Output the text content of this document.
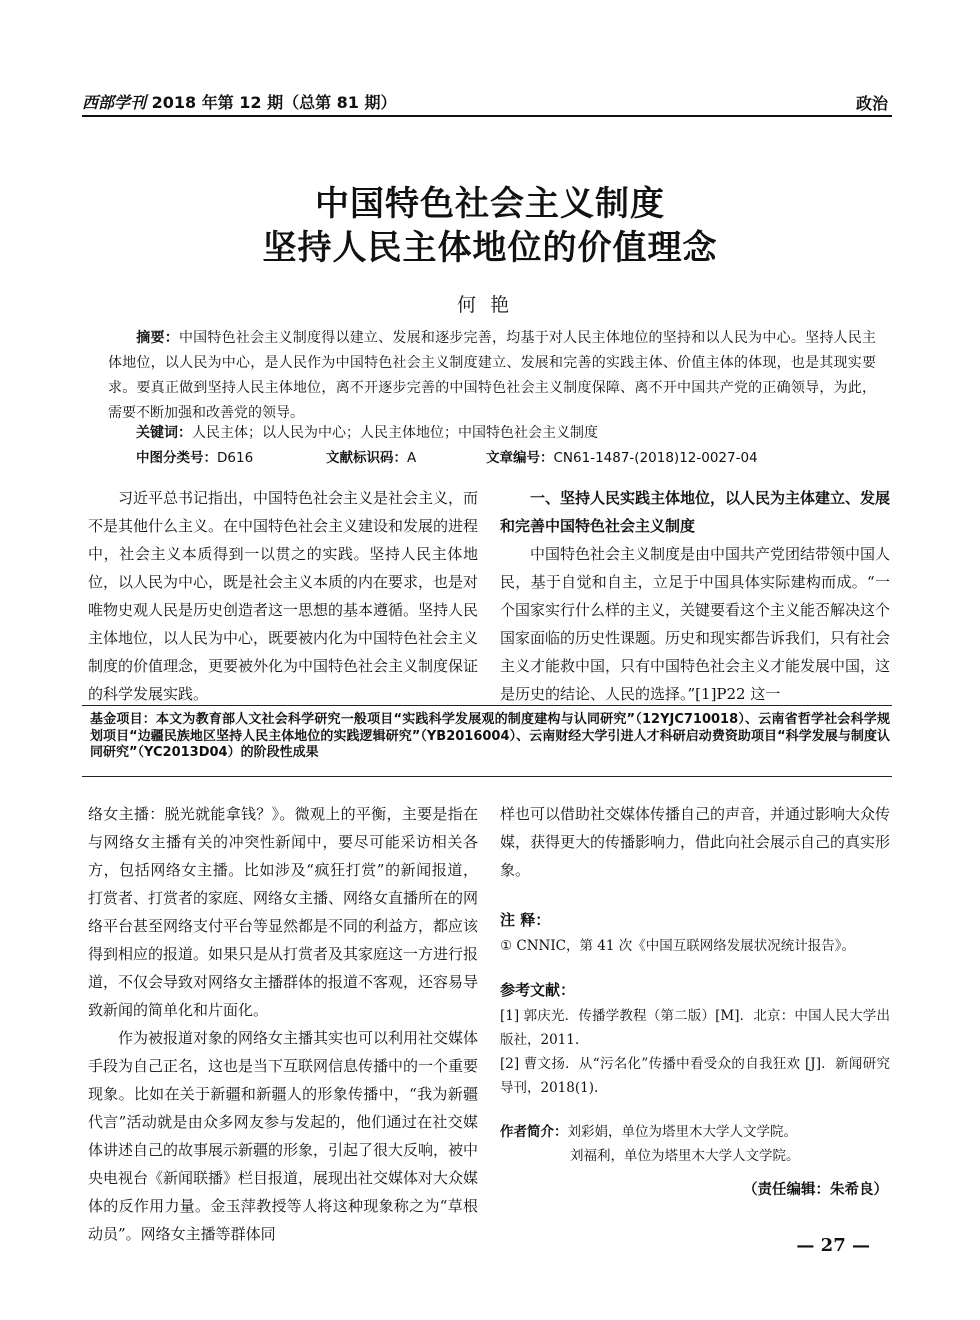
西部学刊 2018 年第 12 期（总第 81 期）	政治
中国特色社会主义制度
坚持人民主体地位的价值理念
何艳
摘要：中国特色社会主义制度得以建立、发展和逐步完善，均基于对人民主体地位的坚持和以人民为中心。坚持人民主体地位，以人民为中心，是人民作为中国特色社会主义制度建立、发展和完善的实践主体、价值主体的体现，也是其现实要求。要真正做到坚持人民主体地位，离不开逐步完善的中国特色社会主义制度保障、离不开中国共产党的正确领导，为此，需要不断加强和改善党的领导。
关键词：人民主体；以人民为中心；人民主体地位；中国特色社会主义制度
中图分类号：D616	文献标识码：A	文章编号：CN61-1487-(2018)12-0027-04

习近平总书记指出，中国特色社会主义是社会主义，而不是其他什么主义。在中国特色社会主义建设和发展的进程中，社会主义本质得到一以贯之的实践。坚持人民主体地位，以人民为中心，既是社会主义本质的内在要求，也是对唯物史观人民是历史创造者这一思想的基本遵循。坚持人民主体地位，以人民为中心，既要被内化为中国特色社会主义制度的价值理念，更要被外化为中国特色社会主义制度保证的科学发展实践。

一、坚持人民实践主体地位，以人民为主体建立、发展和完善中国特色社会主义制度

中国特色社会主义制度是由中国共产党团结带领中国人民，基于自觉和自主，立足于中国具体实际建构而成。“一个国家实行什么样的主义，关键要看这个主义能否解决这个国家面临的历史性课题。历史和现实都告诉我们，只有社会主义才能救中国，只有中国特色社会主义才能发展中国，这是历史的结论、人民的选择。”[1]P22 这一

基金项目：本文为教育部人文社会科学研究一般项目“实践科学发展观的制度建构与认同研究”（12YJC710018）、云南省哲学社会科学规划项目“边疆民族地区坚持人民主体地位的实践逻辑研究”（YB2016004）、云南财经大学引进人才科研启动费资助项目“科学发展与制度认同研究”（YC2013D04）的阶段性成果

络女主播：脱光就能拿钱？》。微观上的平衡，主要是指在与网络女主播有关的冲突性新闻中，要尽可能采访相关各方，包括网络女主播。比如涉及“疯狂打赏”的新闻报道，打赏者、打赏者的家庭、网络女主播、网络女直播所在的网络平台甚至网络支付平台等显然都是不同的利益方，都应该得到相应的报道。如果只是从打赏者及其家庭这一方进行报道，不仅会导致对网络女主播群体的报道不客观，还容易导致新闻的简单化和片面化。

作为被报道对象的网络女主播其实也可以利用社交媒体手段为自己正名，这也是当下互联网信息传播中的一个重要现象。比如在关于新疆和新疆人的形象传播中，“我为新疆代言”活动就是由众多网友参与发起的，他们通过在社交媒体讲述自己的故事展示新疆的形象，引起了很大反响，被中央电视台《新闻联播》栏目报道，展现出社交媒体对大众媒体的反作用力量。金玉萍教授等人将这种现象称之为“草根动员”。网络女主播等群体同

样也可以借助社交媒体传播自己的声音，并通过影响大众传媒，获得更大的传播影响力，借此向社会展示自己的真实形象。

注 释：
① CNNIC，第 41 次《中国互联网络发展状况统计报告》。
参考文献：
[1] 郭庆光．传播学教程（第二版）[M]．北京：中国人民大学出版社，2011.
[2] 曹文扬．从“污名化”传播中看受众的自我狂欢 [J]．新闻研究导刊，2018(1).
作者简介：刘彩娟，单位为塔里木大学人文学院。
刘福利，单位为塔里木大学人文学院。
（责任编辑：朱希良）
— 27 —
